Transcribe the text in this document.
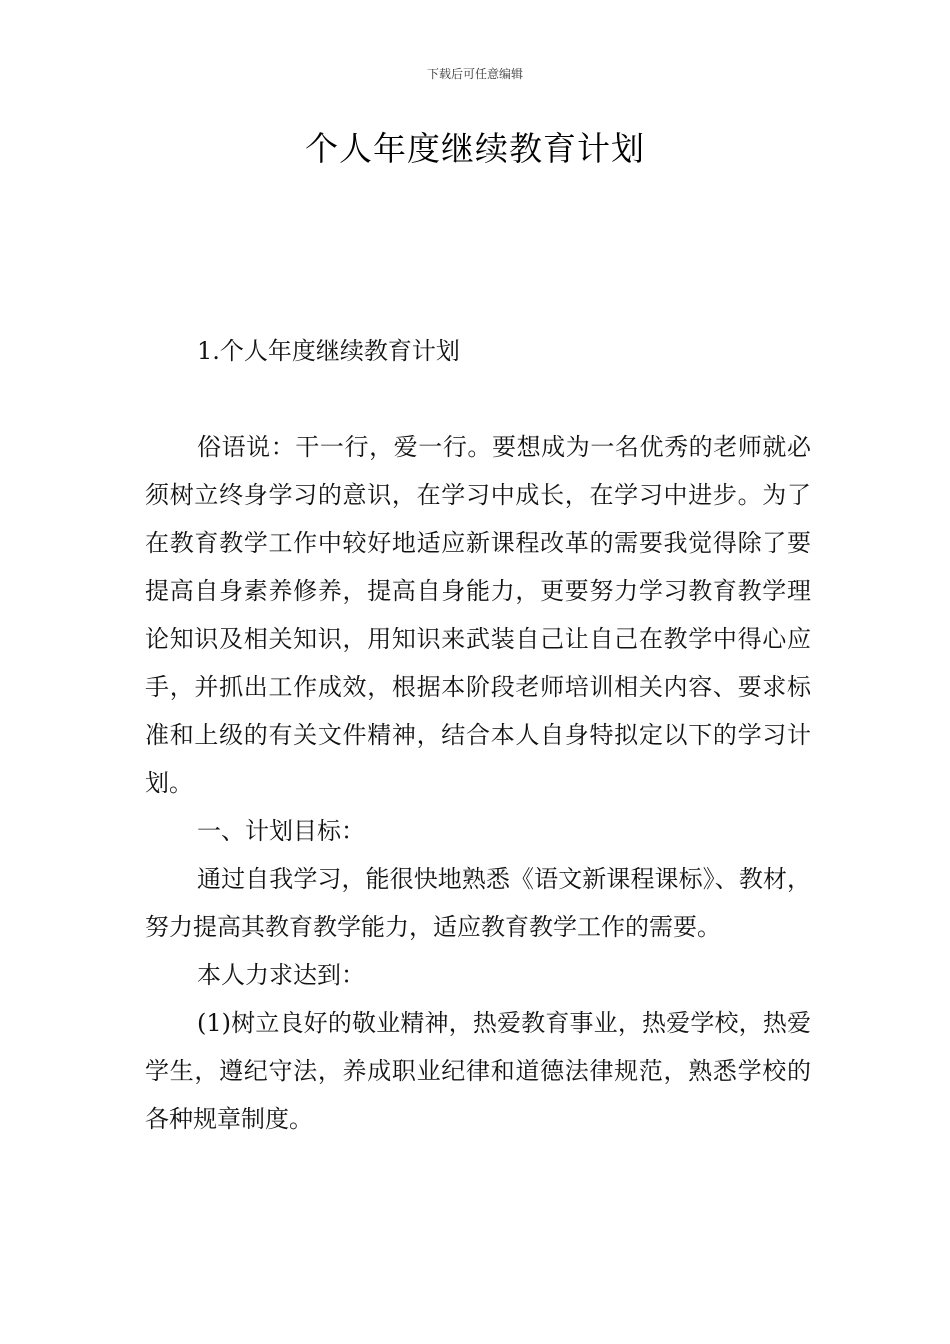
下载后可任意编辑
个人年度继续教育计划
1.个人年度继续教育计划

俗语说：干一行，爱一行。要想成为一名优秀的老师就必须树立终身学习的意识，在学习中成长，在学习中进步。为了在教育教学工作中较好地适应新课程改革的需要我觉得除了要提高自身素养修养，提高自身能力，更要努力学习教育教学理论知识及相关知识，用知识来武装自己让自己在教学中得心应手，并抓出工作成效，根据本阶段老师培训相关内容、要求标准和上级的有关文件精神，结合本人自身特拟定以下的学习计划。

一、计划目标：

通过自我学习，能很快地熟悉《语文新课程课标》、教材，努力提高其教育教学能力，适应教育教学工作的需要。

本人力求达到：

(1)树立良好的敬业精神，热爱教育事业，热爱学校，热爱学生，遵纪守法，养成职业纪律和道德法律规范，熟悉学校的各种规章制度。
